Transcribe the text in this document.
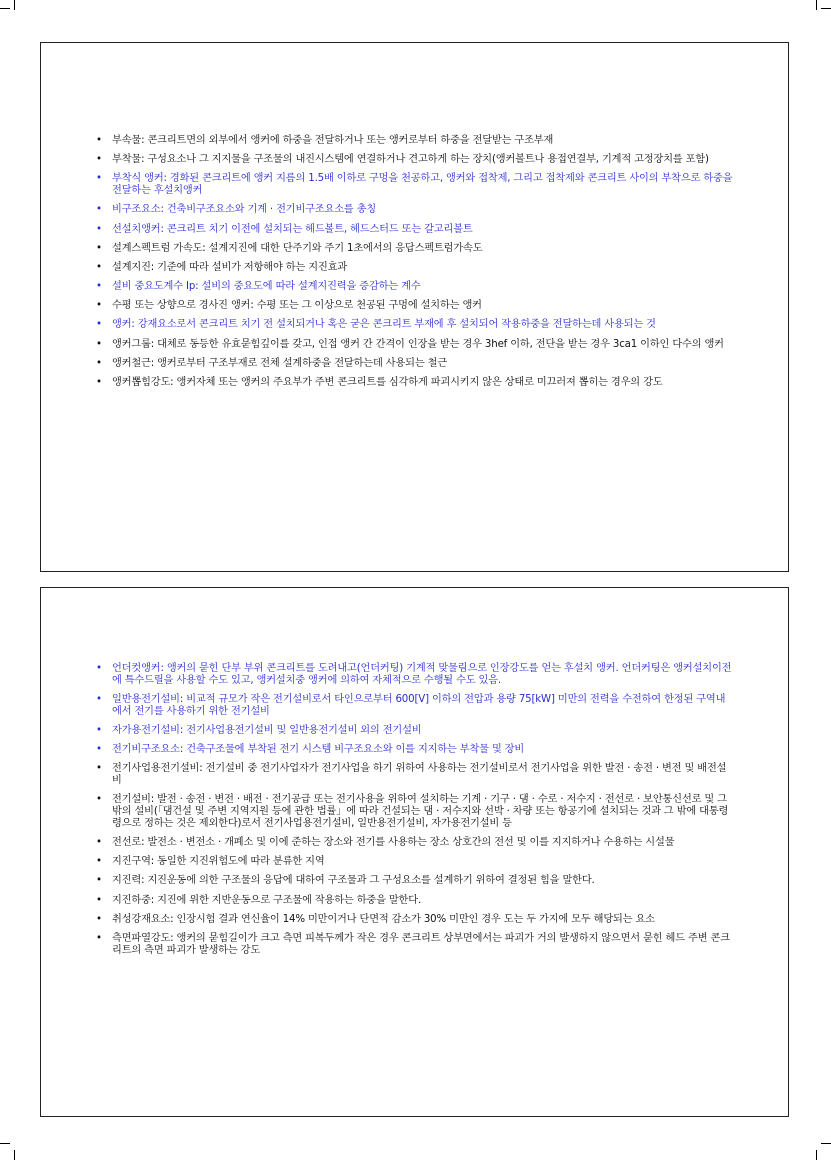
• 부속물: 콘크리트면의 외부에서 앵커에 하중을 전달하거나 또는 앵커로부터 하중을 전달받는 구조부재
• 부착물: 구성요소나 그 지지물을 구조물의 내진시스템에 연결하거나 견고하게 하는 장치(앵커볼트나 용접연결부, 기계적 고정장치를 포함)
• 부착식 앵커: 경화된 콘크리트에 앵커 지름의 1.5배 이하로 구멍을 천공하고, 앵커와 접착제, 그리고 접착제와 콘크리트 사이의 부착으로 하중을 전달하는 후설치앵커
• 비구조요소: 건축비구조요소와 기계 · 전기비구조요소를 총칭
• 선설치앵커: 콘크리트 치기 이전에 설치되는 헤드볼트, 헤드스터드 또는 갈고리볼트
• 설계스펙트럼 가속도: 설계지진에 대한 단주기와 주기 1초에서의 응답스펙트럼가속도
• 설계지진: 기준에 따라 설비가 저항해야 하는 지진효과
• 설비 중요도계수 Ip: 설비의 중요도에 따라 설계지진력을 증감하는 계수
• 수평 또는 상향으로 경사진 앵커: 수평 또는 그 이상으로 천공된 구멍에 설치하는 앵커
• 앵커: 강재요소로서 콘크리트 치기 전 설치되거나 혹은 굳은 콘크리트 부재에 후 설치되어 작용하중을 전달하는데 사용되는 것
• 앵커그룹: 대체로 동등한 유효묻힘깊이를 갖고, 인접 앵커 간 간격이 인장을 받는 경우 3hef 이하, 전단을 받는 경우 3ca1 이하인 다수의 앵커
• 앵커철근: 앵커로부터 구조부재로 전체 설계하중을 전달하는데 사용되는 철근
• 앵커뽑힘강도: 앵커자체 또는 앵커의 주요부가 주변 콘크리트를 심각하게 파괴시키지 않은 상태로 미끄러져 뽑히는 경우의 강도
• 언더컷앵커: 앵커의 묻힌 단부 부위 콘크리트를 도려내고(언더커팅) 기계적 맞물림으로 인장강도를 얻는 후설치 앵커. 언더커팅은 앵커설치이전에 특수드릴을 사용할 수도 있고, 앵커설치중 앵커에 의하여 자체적으로 수행될 수도 있음.
• 일반용전기설비: 비교적 규모가 작은 전기설비로서 타인으로부터 600[V] 이하의 전압과 용량 75[kW] 미만의 전력을 수전하여 한정된 구역내에서 전기를 사용하기 위한 전기설비
• 자가용전기설비: 전기사업용전기설비 및 일반용전기설비 외의 전기설비
• 전기비구조요소: 건축구조물에 부착된 전기 시스템 비구조요소와 이를 지지하는 부착물 및 장비
• 전기사업용전기설비: 전기설비 중 전기사업자가 전기사업을 하기 위하여 사용하는 전기설비로서 전기사업을 위한 발전 · 송전 · 변전 및 배전설비
• 전기설비: 발전 · 송전 · 변전 · 배전 · 전기공급 또는 전기사용을 위하여 설치하는 기계 · 기구 · 댐 · 수로 · 저수지 · 전선로 · 보안통신선로 및 그 밖의 설비(「댐건설 및 주변 지역지원 등에 관한 법률」에 따라 건설되는 댐 · 저수지와 선박 · 차량 또는 항공기에 설치되는 것과 그 밖에 대통령령으로 정하는 것은 제외한다)로서 전기사업용전기설비, 일반용전기설비, 자가용전기설비 등
• 전선로: 발전소 · 변전소 · 개폐소 및 이에 준하는 장소와 전기를 사용하는 장소 상호간의 전선 및 이를 지지하거나 수용하는 시설물
• 지진구역: 동일한 지진위험도에 따라 분류한 지역
• 지진력: 지진운동에 의한 구조물의 응답에 대하여 구조물과 그 구성요소를 설계하기 위하여 결정된 힘을 말한다.
• 지진하중: 지진에 위한 지반운동으로 구조물에 작용하는 하중을 말한다.
• 취성강재요소: 인장시험 결과 연신율이 14% 미만이거나 단면적 감소가 30% 미만인 경우 도는 두 가지에 모두 해당되는 요소
• 측면파열강도: 앵커의 묻힘길이가 크고 측면 피복두께가 작은 경우 콘크리트 상부면에서는 파괴가 거의 발생하지 않으면서 묻힌 헤드 주변 콘크리트의 측면 파괴가 발생하는 강도
